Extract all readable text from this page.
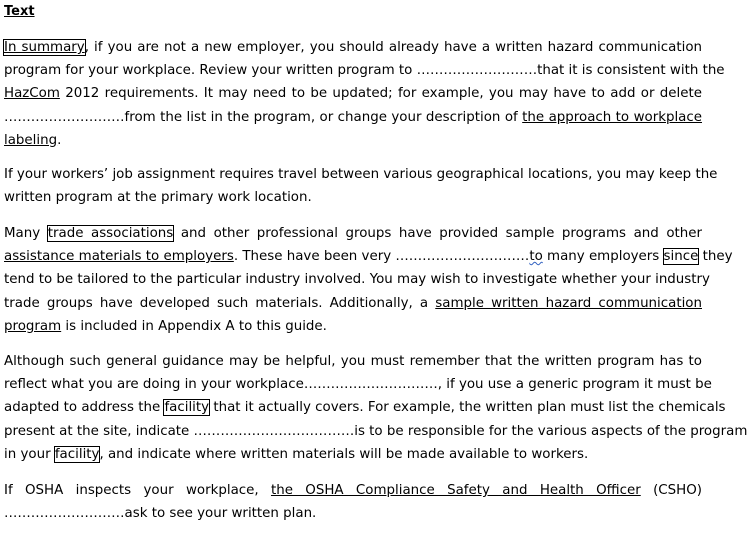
Text
In summary, if you are not a new employer, you should already have a written hazard communication
program for your workplace. Review your written program to ………………………that it is consistent with the
HazCom 2012 requirements. It may need to be updated; for example, you may have to add or delete
………………………from the list in the program, or change your description of the approach to workplace
labeling.
If your workers’ job assignment requires travel between various geographical locations, you may keep the
written program at the primary work location.
Many trade associations and other professional groups have provided sample programs and other
assistance materials to employers. These have been very …………………………to many employers since they
tend to be tailored to the particular industry involved. You may wish to investigate whether your industry
trade groups have developed such materials. Additionally, a sample written hazard communication
program is included in Appendix A to this guide.
Although such general guidance may be helpful, you must remember that the written program has to
reflect what you are doing in your workplace…………………………, if you use a generic program it must be
adapted to address the facility that it actually covers. For example, the written plan must list the chemicals
present at the site, indicate ………………………………is to be responsible for the various aspects of the program
in your facility, and indicate where written materials will be made available to workers.
If OSHA inspects your workplace, the OSHA Compliance Safety and Health Officer (CSHO)
………………………ask to see your written plan.
